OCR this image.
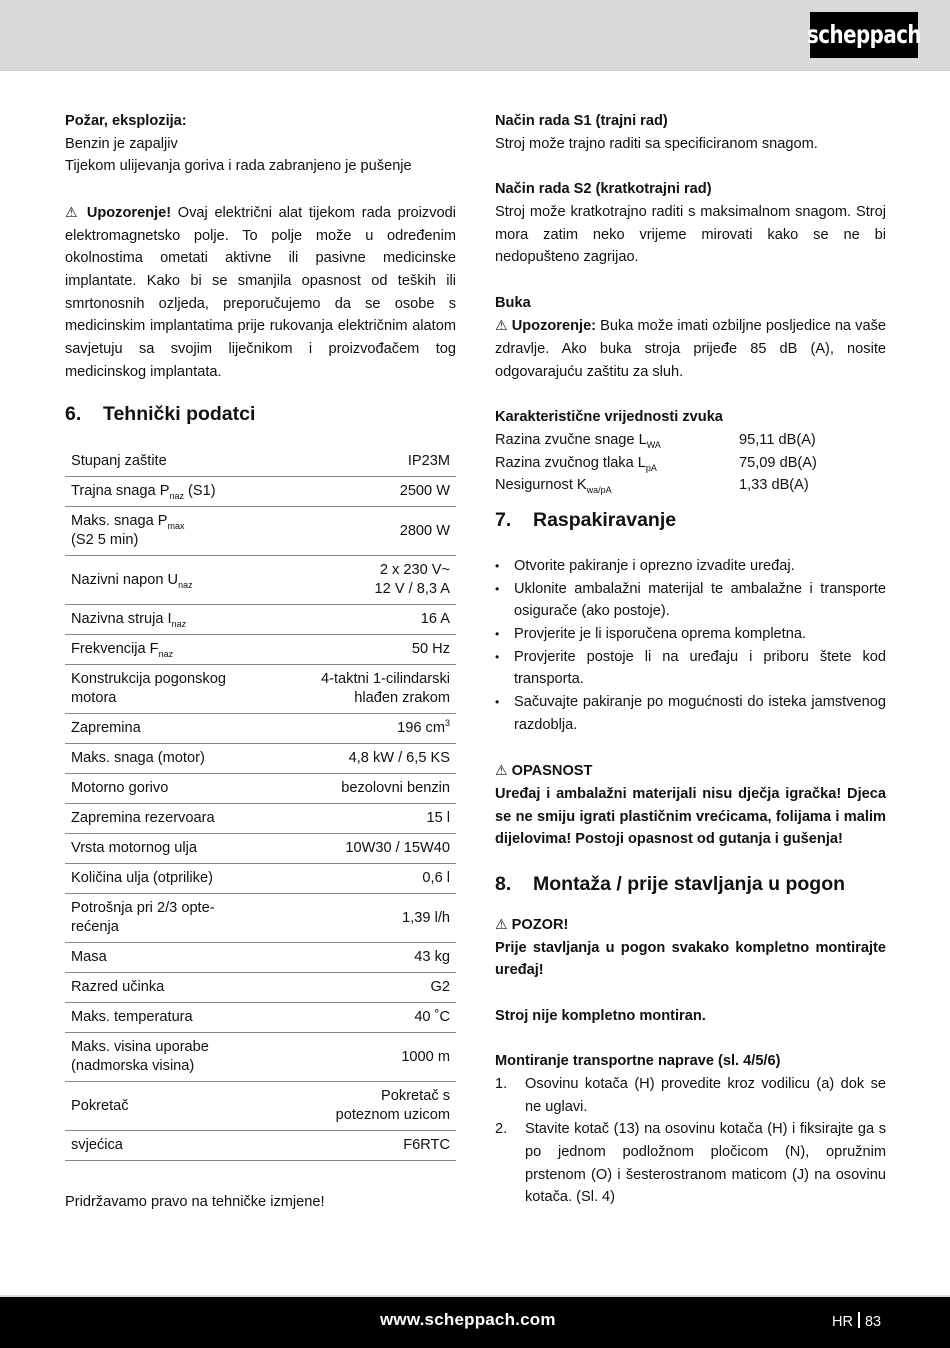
scheppach

Požar, eksplozija:

Benzin je zapaljiv

Tijekom ulijevanja goriva i rada zabranjeno je pušenje

⚠ Upozorenje! Ovaj električni alat tijekom rada proizvodi elektromagnetsko polje. To polje može u određenim okolnostima ometati aktivne ili pasivne medicinske implantate. Kako bi se smanjila opasnost od teških ili smrtonosnih ozljeda, preporučujemo da se osobe s medicinskim implantatima prije rukovanja električnim alatom savjetuju sa svojim liječnikom i proizvođačem tog medicinskog implantata.

6.	Tehnički podatci
Stupanj zaštite	IP23M
Trajna snaga $P_{naz}$ (S1)	2500 W
Maks. snaga $P_{max}$
(S2 5 min)	2800 W
Nazivni napon $U_{naz}$	2 x 230 V~
12 V / 8,3 A
Nazivna struja $I_{naz}$	16 A
Frekvencija $F_{naz}$	50 Hz
Konstrukcija pogonskog
motora	4-taktni 1-cilindarski
hlađen zrakom
Zapremina	196 $cm^3$
Maks. snaga (motor)	4,8 kW / 6,5 KS
Motorno gorivo	bezolovni benzin
Zapremina rezervoara	15 l
Vrsta motornog ulja	10W30 / 15W40
Količina ulja (otprilike)	0,6 l
Potrošnja pri 2/3 opte-
rećenja	1,39 l/h
Masa	43 kg
Razred učinka	G2
Maks. temperatura	40 ˚C
Maks. visina uporabe
(nadmorska visina)	1000 m
Pokretač	Pokretač s
poteznom uzicom
svjećica	F6RTC

Pridržavamo pravo na tehničke izmjene!

Način rada S1 (trajni rad)

Stroj može trajno raditi sa specificiranom snagom.

Način rada S2 (kratkotrajni rad)

Stroj može kratkotrajno raditi s maksimalnom snagom. Stroj mora zatim neko vrijeme mirovati kako se ne bi nedopušteno zagrijao.

Buka

⚠ Upozorenje: Buka može imati ozbiljne posljedice na vaše zdravlje. Ako buka stroja prijeđe 85 dB (A), nosite odgovarajuću zaštitu za sluh.

Karakteristične vrijednosti zvuka

Razina zvučne snage $L_{WA}$	95,11 dB(A)
Razina zvučnog tlaka $L_{pA}$	75,09 dB(A)
Nesigurnost $K_{wa/pA}$	1,33 dB(A)
7.	Raspakiravanje
• Otvorite pakiranje i oprezno izvadite uređaj.
• Uklonite ambalažni materijal te ambalažne i transporte osigurače (ako postoje).
• Provjerite je li isporučena oprema kompletna.
• Provjerite postoje li na uređaju i priboru štete kod transporta.
• Sačuvajte pakiranje po mogućnosti do isteka jamstvenog razdoblja.

⚠ OPASNOST

Uređaj i ambalažni materijali nisu dječja igračka! Djeca se ne smiju igrati plastičnim vrećicama, folijama i malim dijelovima! Postoji opasnost od gutanja i gušenja!

8.	Montaža / prije stavljanja u pogon

⚠ POZOR!

Prije stavljanja u pogon svakako kompletno montirajte uređaj!

Stroj nije kompletno montiran.

Montiranje transportne naprave (sl. 4/5/6)

1. Osovinu kotača (H) provedite kroz vodilicu (a) dok se ne uglavi.
2. Stavite kotač (13) na osovinu kotača (H) i fiksirajte ga s po jednom podložnom pločicom (N), opružnim prstenom (O) i šesterostranom maticom (J) na osovinu kotača. (Sl. 4)
www.scheppach.com	HR 83
